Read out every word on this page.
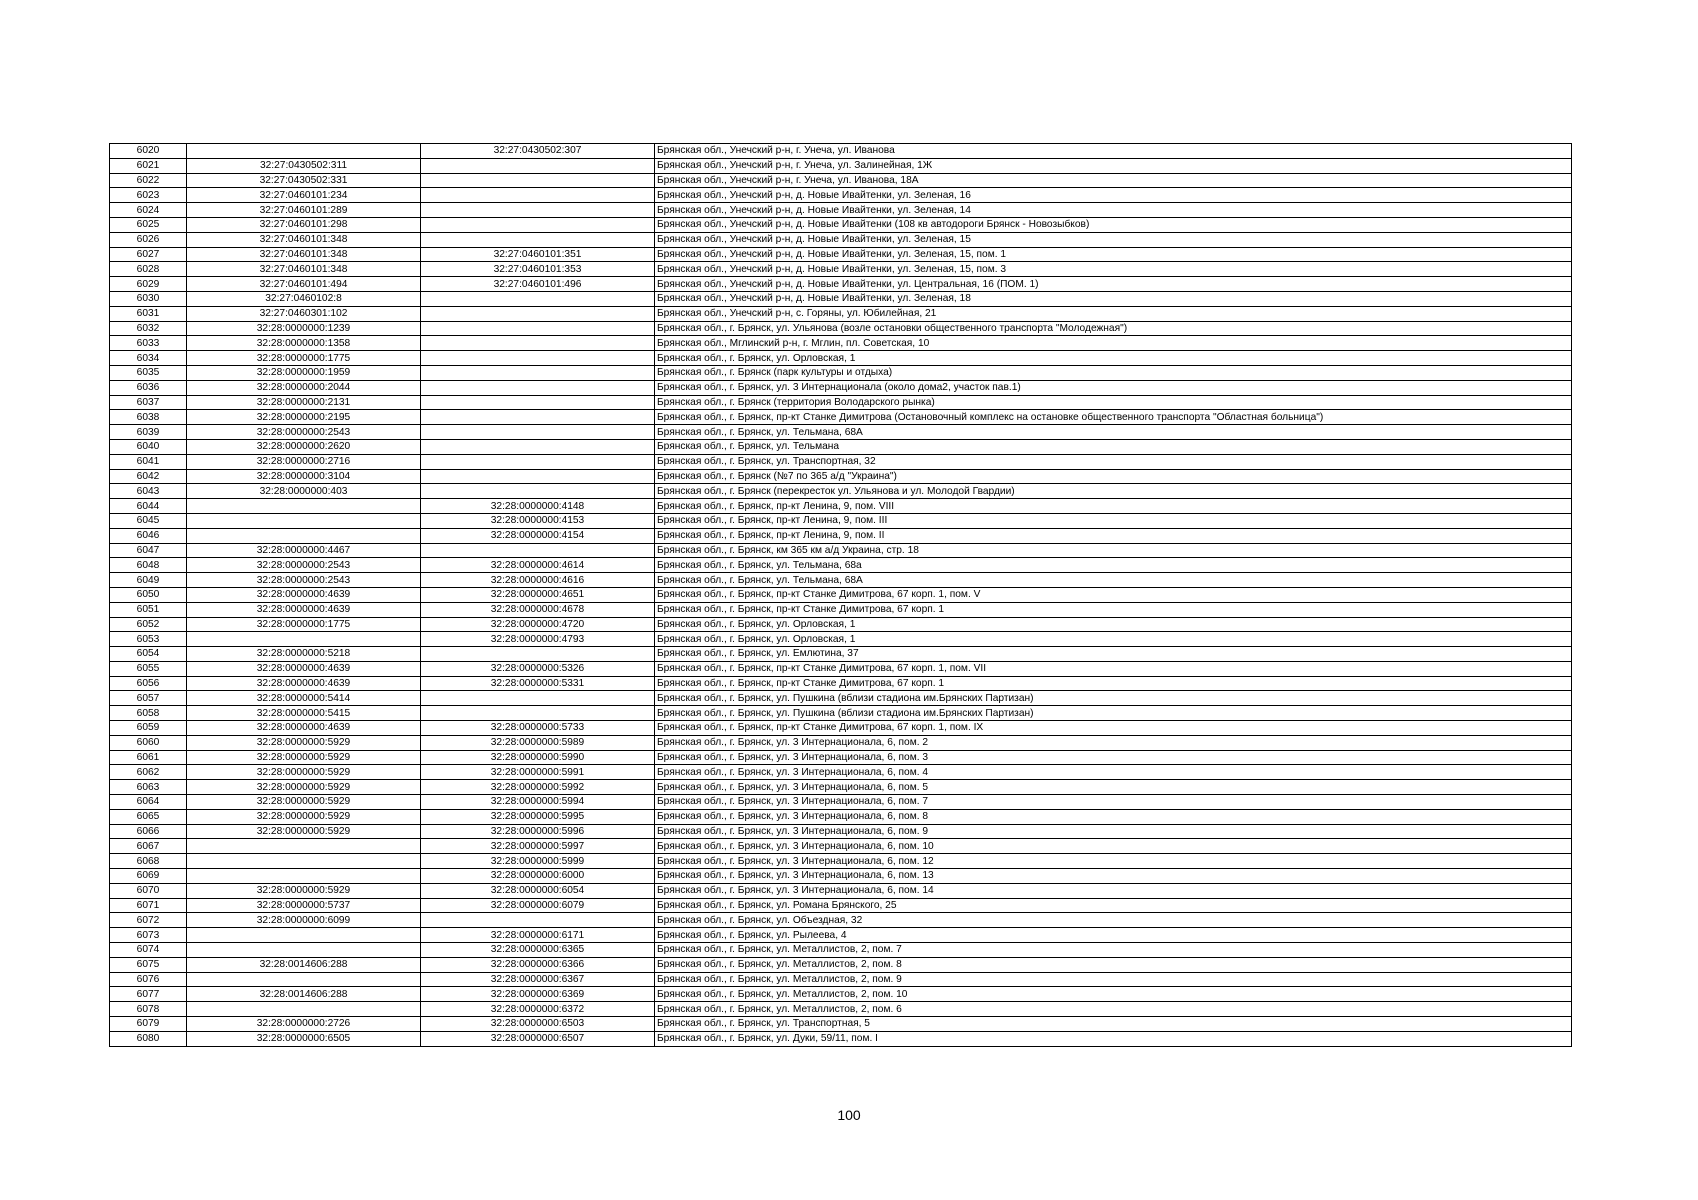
6020		32:27:0430502:307	Брянская обл., Унечский р-н, г. Унеча, ул. Иванова
6021	32:27:0430502:311		Брянская обл., Унечский р-н, г. Унеча, ул. Залинейная, 1Ж
6022	32:27:0430502:331		Брянская обл., Унечский р-н, г. Унеча, ул. Иванова, 18А
6023	32:27:0460101:234		Брянская обл., Унечский р-н, д. Новые Ивайтенки, ул. Зеленая, 16
6024	32:27:0460101:289		Брянская обл., Унечский р-н, д. Новые Ивайтенки, ул. Зеленая, 14
6025	32:27:0460101:298		Брянская обл., Унечский р-н, д. Новые Ивайтенки (108 кв автодороги Брянск - Новозыбков)
6026	32:27:0460101:348		Брянская обл., Унечский р-н, д. Новые Ивайтенки, ул. Зеленая, 15
6027	32:27:0460101:348	32:27:0460101:351	Брянская обл., Унечский р-н, д. Новые Ивайтенки, ул. Зеленая, 15, пом. 1
6028	32:27:0460101:348	32:27:0460101:353	Брянская обл., Унечский р-н, д. Новые Ивайтенки, ул. Зеленая, 15, пом. 3
6029	32:27:0460101:494	32:27:0460101:496	Брянская обл., Унечский р-н, д. Новые Ивайтенки, ул. Центральная, 16 (ПОМ. 1)
6030	32:27:0460102:8		Брянская обл., Унечский р-н, д. Новые Ивайтенки, ул. Зеленая, 18
6031	32:27:0460301:102		Брянская обл., Унечский р-н, с. Горяны, ул. Юбилейная, 21
6032	32:28:0000000:1239		Брянская обл., г. Брянск, ул. Ульянова (возле остановки общественного транспорта "Молодежная")
6033	32:28:0000000:1358		Брянская обл., Мглинский р-н, г. Мглин, пл. Советская, 10
6034	32:28:0000000:1775		Брянская обл., г. Брянск, ул. Орловская, 1
6035	32:28:0000000:1959		Брянская обл., г. Брянск (парк культуры и отдыха)
6036	32:28:0000000:2044		Брянская обл., г. Брянск, ул. 3 Интернационала (около дома2, участок пав.1)
6037	32:28:0000000:2131		Брянская обл., г. Брянск (территория Володарского рынка)
6038	32:28:0000000:2195		Брянская обл., г. Брянск, пр-кт Станке Димитрова (Остановочный комплекс на остановке общественного транспорта "Областная больница")
6039	32:28:0000000:2543		Брянская обл., г. Брянск, ул. Тельмана, 68А
6040	32:28:0000000:2620		Брянская обл., г. Брянск, ул. Тельмана
6041	32:28:0000000:2716		Брянская обл., г. Брянск, ул. Транспортная, 32
6042	32:28:0000000:3104		Брянская обл., г. Брянск (№7 по 365 а/д "Украина")
6043	32:28:0000000:403		Брянская обл., г. Брянск (перекресток ул. Ульянова и ул. Молодой Гвардии)
6044		32:28:0000000:4148	Брянская обл., г. Брянск, пр-кт Ленина, 9, пом. VIII
6045		32:28:0000000:4153	Брянская обл., г. Брянск, пр-кт Ленина, 9, пом. III
6046		32:28:0000000:4154	Брянская обл., г. Брянск, пр-кт Ленина, 9, пом. II
6047	32:28:0000000:4467		Брянская обл., г. Брянск, км 365 км а/д Украина, стр. 18
6048	32:28:0000000:2543	32:28:0000000:4614	Брянская обл., г. Брянск, ул. Тельмана, 68а
6049	32:28:0000000:2543	32:28:0000000:4616	Брянская обл., г. Брянск, ул. Тельмана, 68А
6050	32:28:0000000:4639	32:28:0000000:4651	Брянская обл., г. Брянск, пр-кт Станке Димитрова, 67 корп. 1, пом. V
6051	32:28:0000000:4639	32:28:0000000:4678	Брянская обл., г. Брянск, пр-кт Станке Димитрова, 67 корп. 1
6052	32:28:0000000:1775	32:28:0000000:4720	Брянская обл., г. Брянск, ул. Орловская, 1
6053		32:28:0000000:4793	Брянская обл., г. Брянск, ул. Орловская, 1
6054	32:28:0000000:5218		Брянская обл., г. Брянск, ул. Емлютина, 37
6055	32:28:0000000:4639	32:28:0000000:5326	Брянская обл., г. Брянск, пр-кт Станке Димитрова, 67 корп. 1, пом. VII
6056	32:28:0000000:4639	32:28:0000000:5331	Брянская обл., г. Брянск, пр-кт Станке Димитрова, 67 корп. 1
6057	32:28:0000000:5414		Брянская обл., г. Брянск, ул. Пушкина (вблизи стадиона им.Брянских Партизан)
6058	32:28:0000000:5415		Брянская обл., г. Брянск, ул. Пушкина (вблизи стадиона им.Брянских Партизан)
6059	32:28:0000000:4639	32:28:0000000:5733	Брянская обл., г. Брянск, пр-кт Станке Димитрова, 67 корп. 1, пом. IX
6060	32:28:0000000:5929	32:28:0000000:5989	Брянская обл., г. Брянск, ул. 3 Интернационала, 6, пом. 2
6061	32:28:0000000:5929	32:28:0000000:5990	Брянская обл., г. Брянск, ул. 3 Интернационала, 6, пом. 3
6062	32:28:0000000:5929	32:28:0000000:5991	Брянская обл., г. Брянск, ул. 3 Интернационала, 6, пом. 4
6063	32:28:0000000:5929	32:28:0000000:5992	Брянская обл., г. Брянск, ул. 3 Интернационала, 6, пом. 5
6064	32:28:0000000:5929	32:28:0000000:5994	Брянская обл., г. Брянск, ул. 3 Интернационала, 6, пом. 7
6065	32:28:0000000:5929	32:28:0000000:5995	Брянская обл., г. Брянск, ул. 3 Интернационала, 6, пом. 8
6066	32:28:0000000:5929	32:28:0000000:5996	Брянская обл., г. Брянск, ул. 3 Интернационала, 6, пом. 9
6067		32:28:0000000:5997	Брянская обл., г. Брянск, ул. 3 Интернационала, 6, пом. 10
6068		32:28:0000000:5999	Брянская обл., г. Брянск, ул. 3 Интернационала, 6, пом. 12
6069		32:28:0000000:6000	Брянская обл., г. Брянск, ул. 3 Интернационала, 6, пом. 13
6070	32:28:0000000:5929	32:28:0000000:6054	Брянская обл., г. Брянск, ул. 3 Интернационала, 6, пом. 14
6071	32:28:0000000:5737	32:28:0000000:6079	Брянская обл., г. Брянск, ул. Романа Брянского, 25
6072	32:28:0000000:6099		Брянская обл., г. Брянск, ул. Объездная, 32
6073		32:28:0000000:6171	Брянская обл., г. Брянск, ул. Рылеева, 4
6074		32:28:0000000:6365	Брянская обл., г. Брянск, ул. Металлистов, 2, пом. 7
6075	32:28:0014606:288	32:28:0000000:6366	Брянская обл., г. Брянск, ул. Металлистов, 2, пом. 8
6076		32:28:0000000:6367	Брянская обл., г. Брянск, ул. Металлистов, 2, пом. 9
6077	32:28:0014606:288	32:28:0000000:6369	Брянская обл., г. Брянск, ул. Металлистов, 2, пом. 10
6078		32:28:0000000:6372	Брянская обл., г. Брянск, ул. Металлистов, 2, пом. 6
6079	32:28:0000000:2726	32:28:0000000:6503	Брянская обл., г. Брянск, ул. Транспортная, 5
6080	32:28:0000000:6505	32:28:0000000:6507	Брянская обл., г. Брянск, ул. Дуки, 59/11, пом. I
100
